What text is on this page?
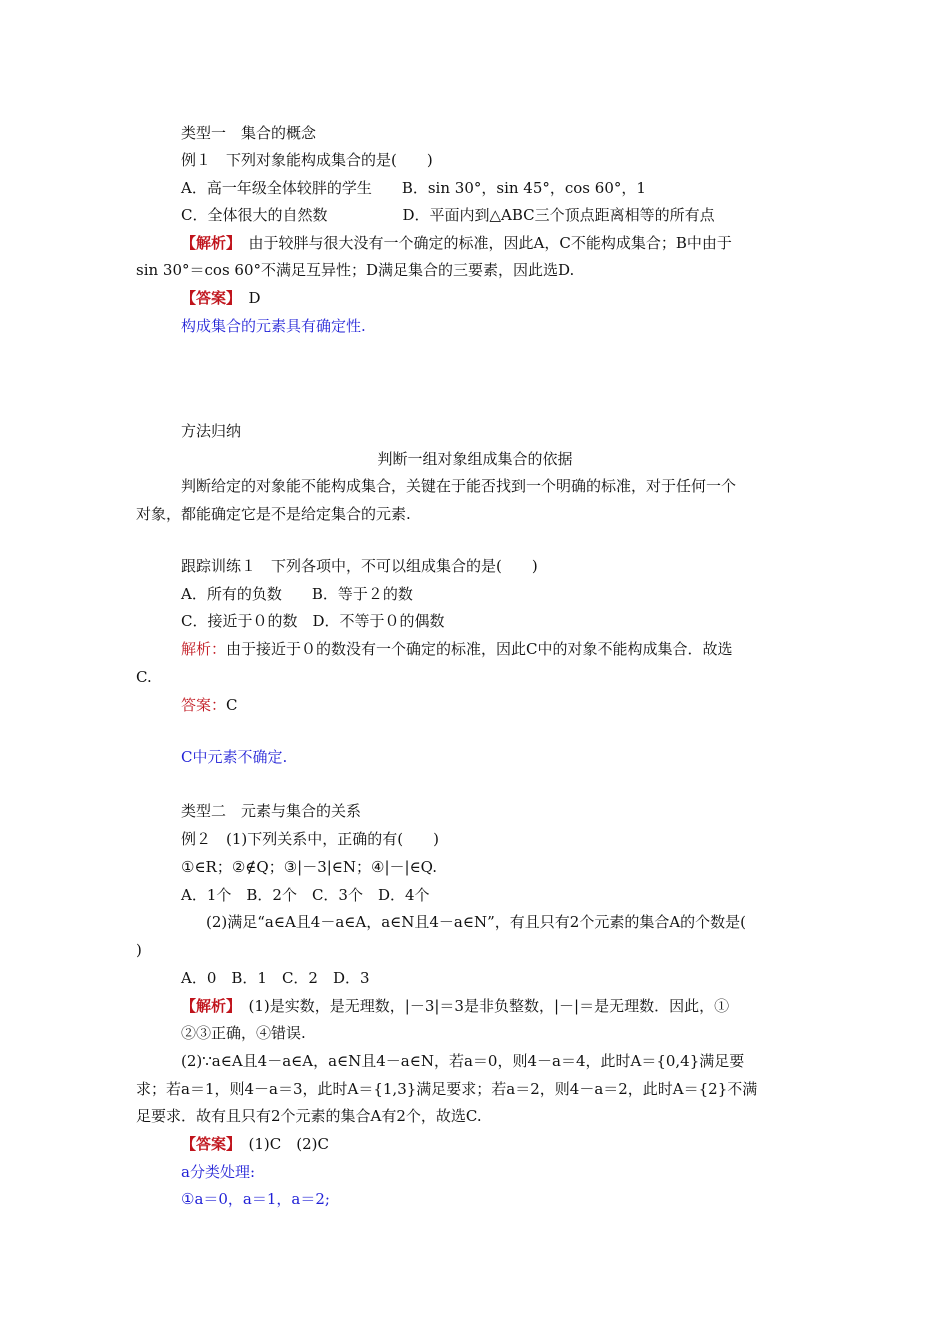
类型一　集合的概念
例１　下列对象能构成集合的是(　　)
A．高一年级全体较胖的学生　　B．sin 30°，sin 45°，cos 60°，1
C．全体很大的自然数　　　　　D．平面内到△ABC三个顶点距离相等的所有点
【解析】　由于较胖与很大没有一个确定的标准，因此A，C不能构成集合；B中由于
sin 30°＝cos 60°不满足互异性；D满足集合的三要素，因此选D.
【答案】　D
构成集合的元素具有确定性.
方法归纳
判断一组对象组成集合的依据
判断给定的对象能不能构成集合，关键在于能否找到一个明确的标准，对于任何一个
对象，都能确定它是不是给定集合的元素.
跟踪训练１　下列各项中，不可以组成集合的是(　　)
A．所有的负数　　B．等于２的数
C．接近于０的数　D．不等于０的偶数
解析：由于接近于０的数没有一个确定的标准，因此C中的对象不能构成集合．故选
C.
答案：C
C中元素不确定.
类型二　元素与集合的关系
例２　(1)下列关系中，正确的有(　　)
①∈R；②∉Q；③|－3|∈N；④|－|∈Q.
A．1个　B．2个　C．3个　D．4个
(2)满足“a∈A且4－a∈A，a∈N且4－a∈N”，有且只有2个元素的集合A的个数是(
)
A．0　B．1　C．2　D．3
【解析】　(1)是实数，是无理数，|－3|＝3是非负整数，|－|＝是无理数．因此，①
②③正确，④错误.
(2)∵a∈A且4－a∈A，a∈N且4－a∈N，若a＝0，则4－a＝4，此时A＝{0,4}满足要
求；若a＝1，则4－a＝3，此时A＝{1,3}满足要求；若a＝2，则4－a＝2，此时A＝{2}不满
足要求．故有且只有2个元素的集合A有2个，故选C.
【答案】　(1)C　(2)C
a分类处理:
①a＝0，a＝1，a＝2;
